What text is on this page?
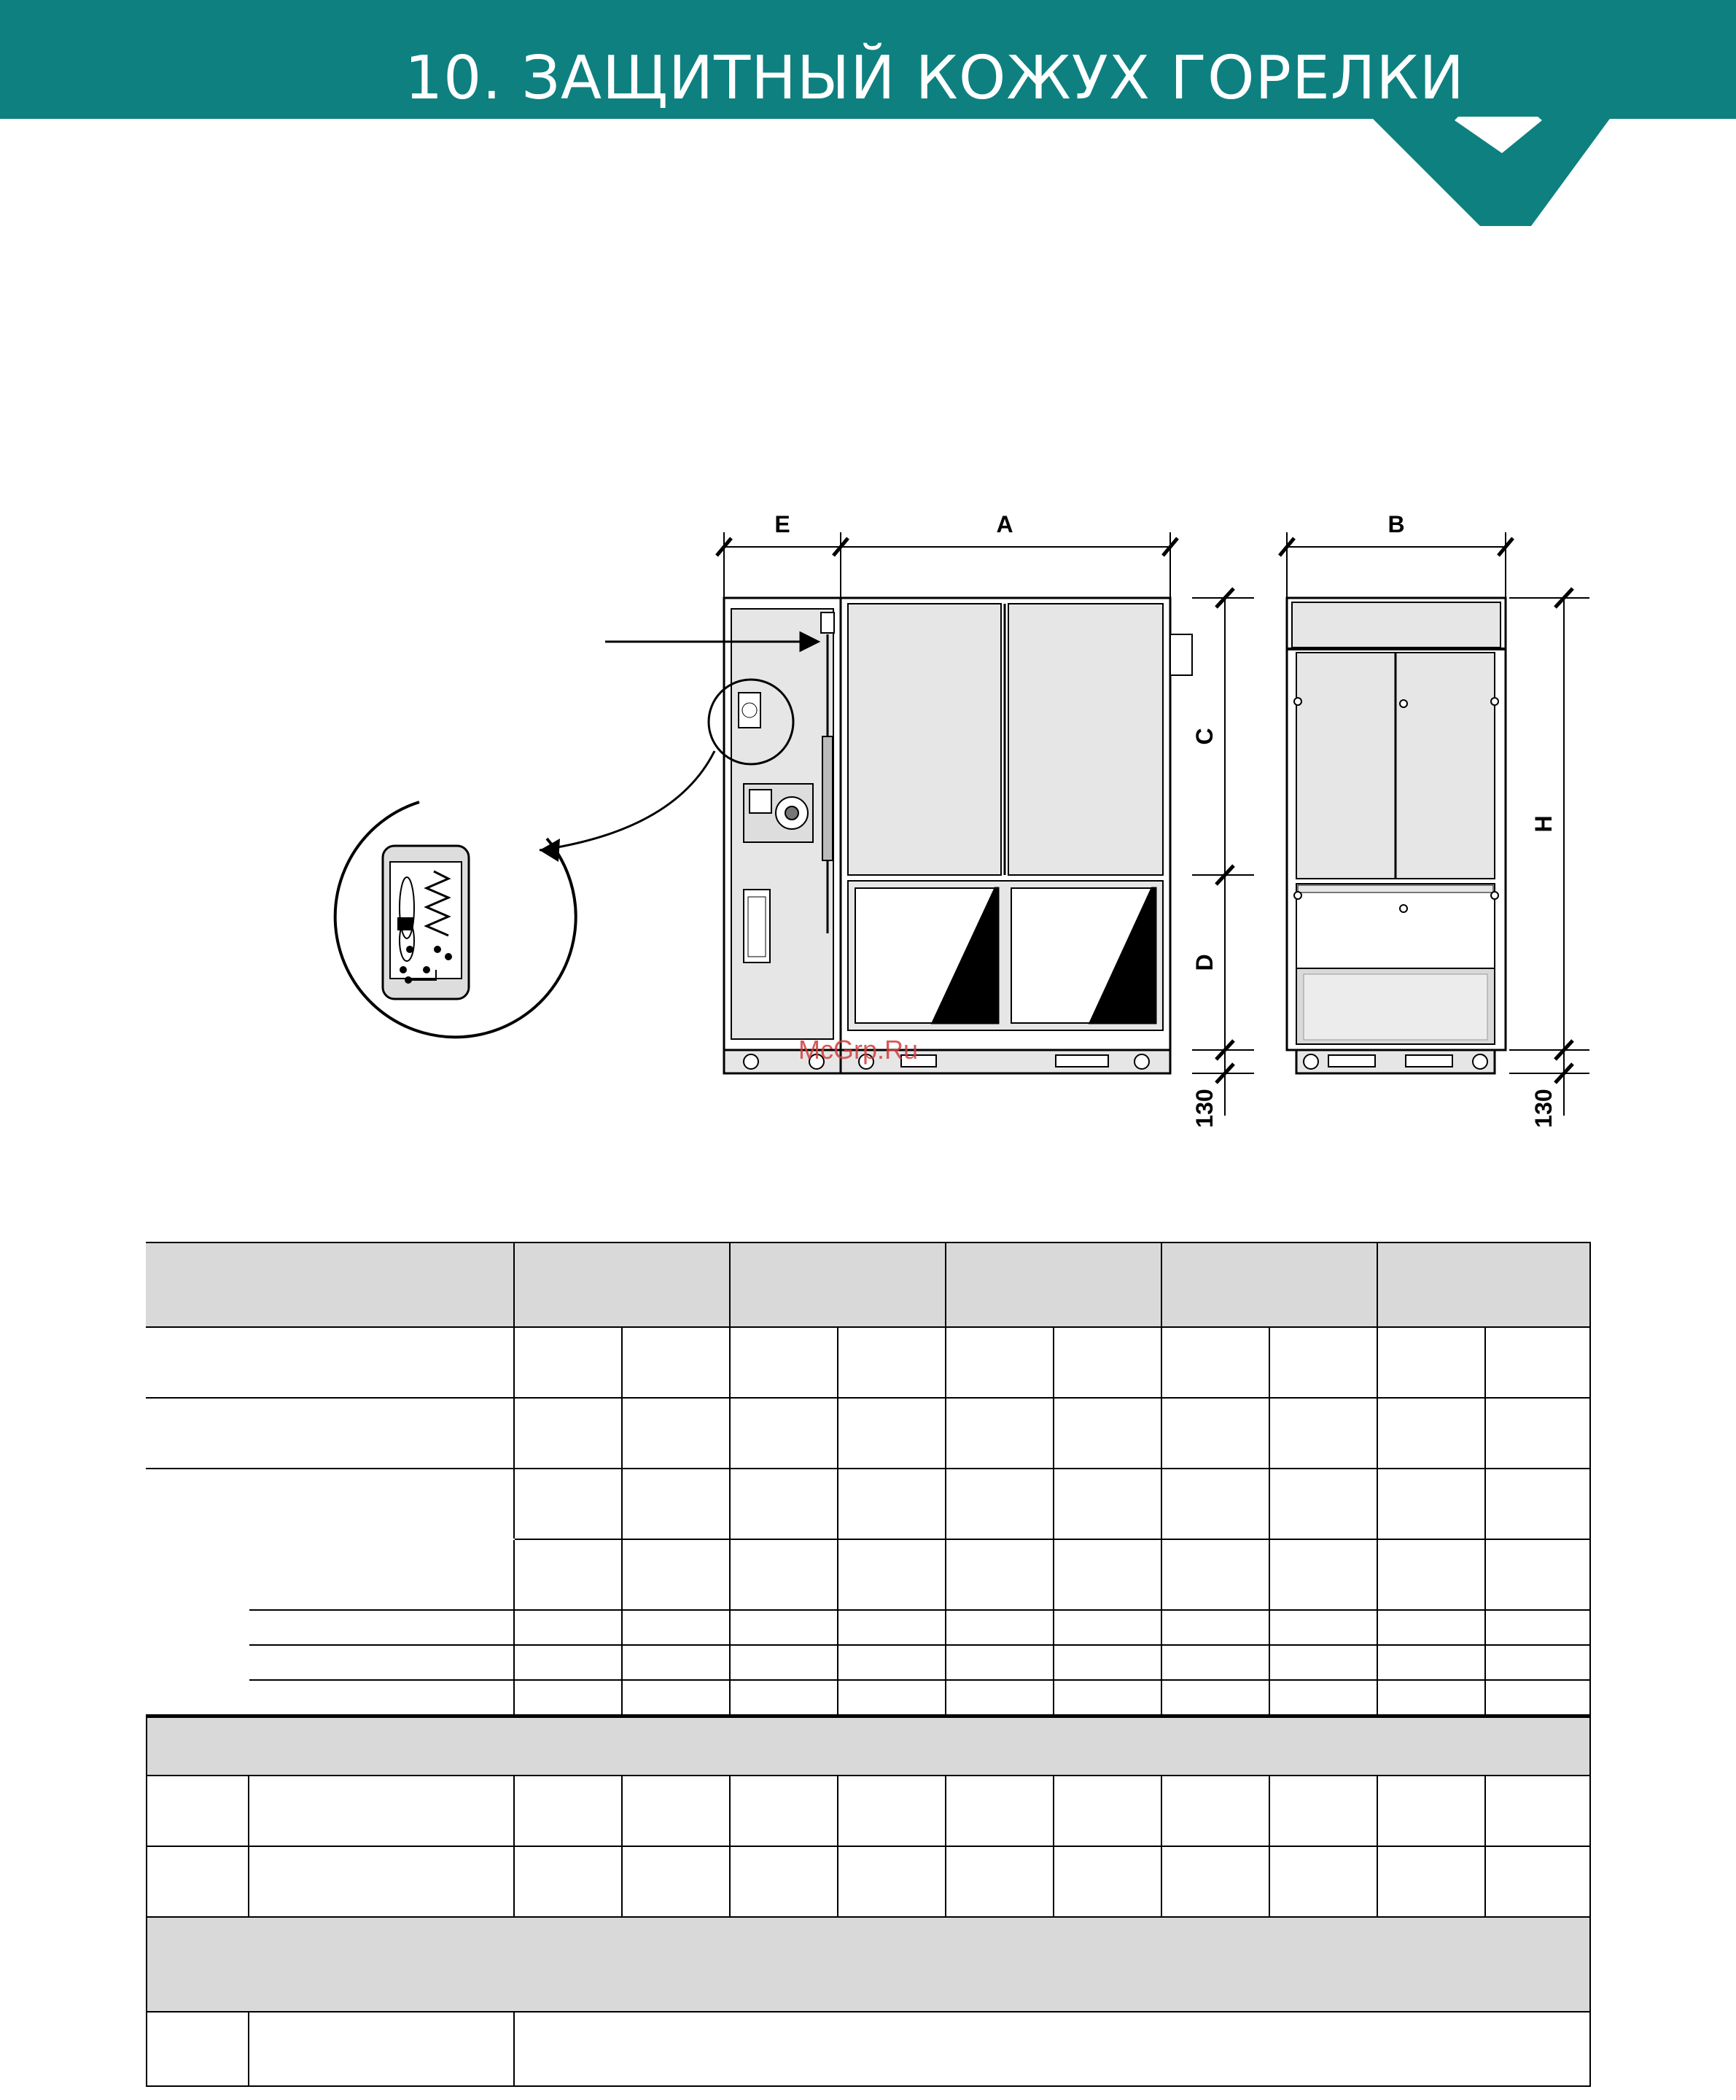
10. ЗАЩИТНЫЙ КОЖУХ ГОРЕЛКИ
E	A	B
McGrp.Ru
C
D
130
H
130
